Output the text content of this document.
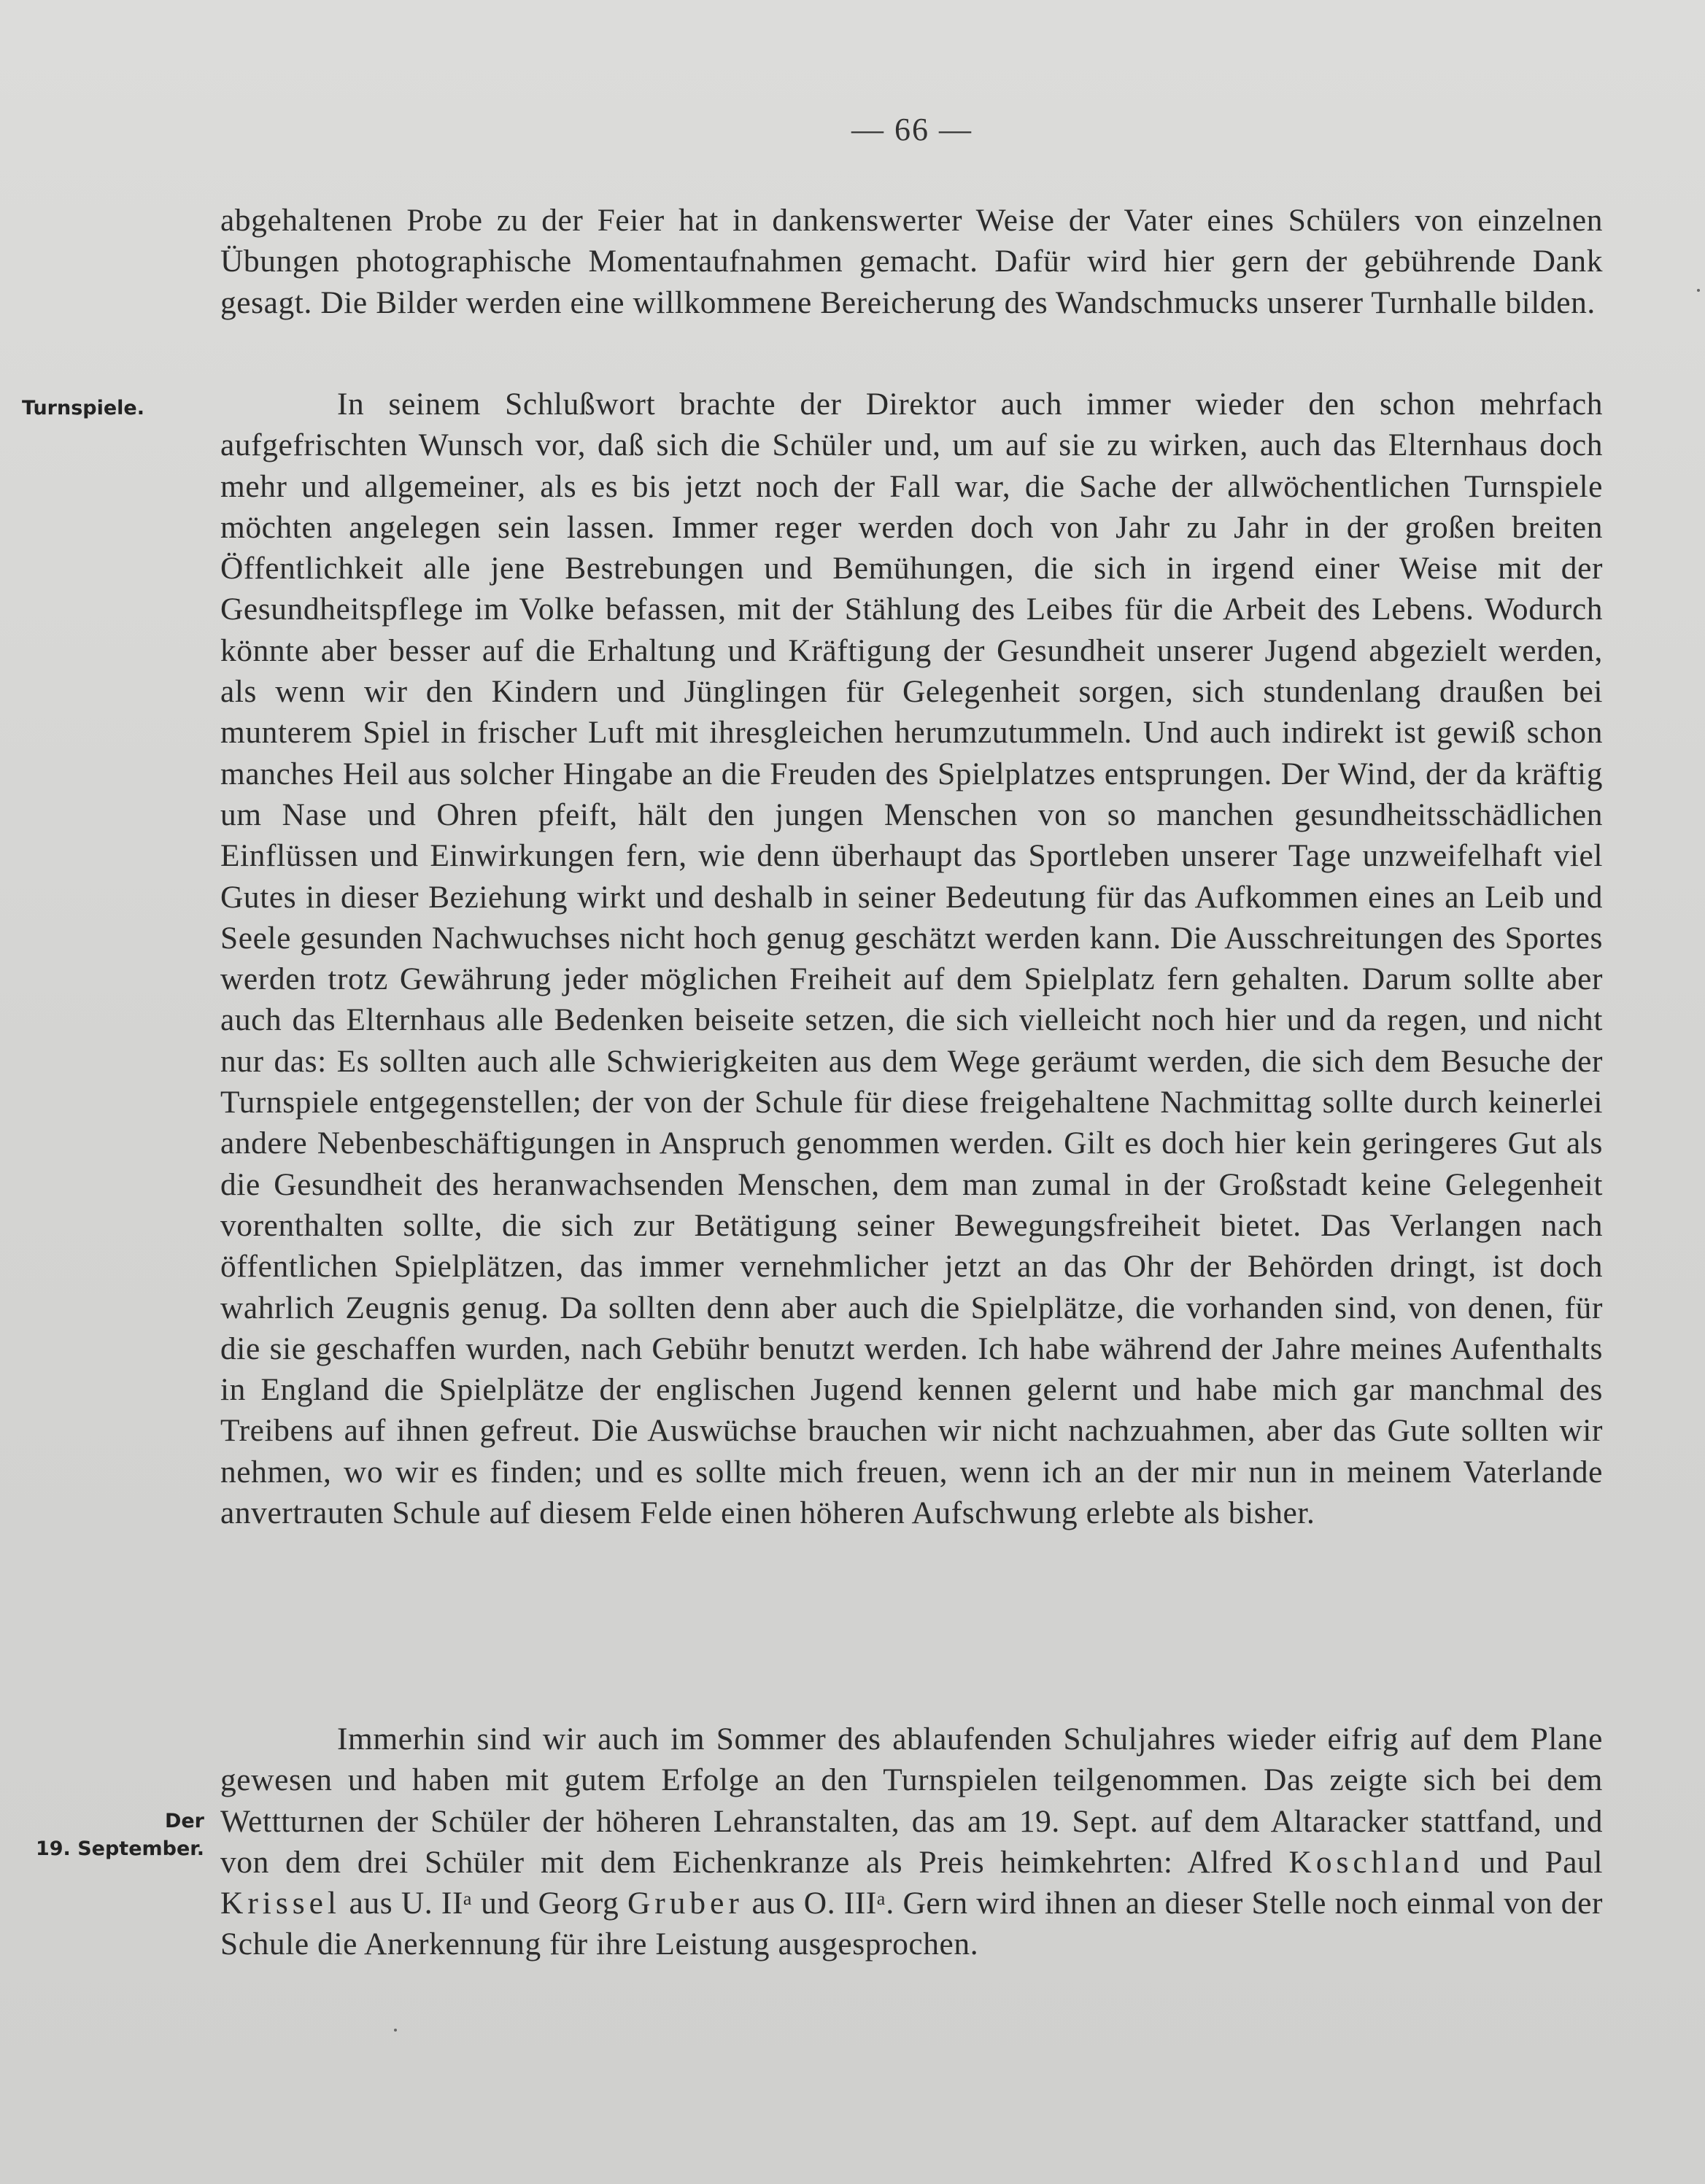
— 66 —
Turnspiele.
Der
19. September.

abgehaltenen Probe zu der Feier hat in dankenswerter Weise der Vater eines Schülers von einzelnen Übungen photographische Momentaufnahmen gemacht. Dafür wird hier gern der gebührende Dank gesagt. Die Bilder werden eine willkommene Bereicherung des Wandschmucks unserer Turnhalle bilden.

In seinem Schlußwort brachte der Direktor auch immer wieder den schon mehrfach aufgefrischten Wunsch vor, daß sich die Schüler und, um auf sie zu wirken, auch das Elternhaus doch mehr und allgemeiner, als es bis jetzt noch der Fall war, die Sache der allwöchentlichen Turnspiele möchten angelegen sein lassen. Immer reger werden doch von Jahr zu Jahr in der großen breiten Öffentlichkeit alle jene Bestrebungen und Bemühungen, die sich in irgend einer Weise mit der Gesundheitspflege im Volke befassen, mit der Stählung des Leibes für die Arbeit des Lebens. Wodurch könnte aber besser auf die Erhaltung und Kräftigung der Gesundheit unserer Jugend abgezielt werden, als wenn wir den Kindern und Jünglingen für Gelegenheit sorgen, sich stundenlang draußen bei munterem Spiel in frischer Luft mit ihresgleichen herumzutummeln. Und auch indirekt ist gewiß schon manches Heil aus solcher Hingabe an die Freuden des Spielplatzes entsprungen. Der Wind, der da kräftig um Nase und Ohren pfeift, hält den jungen Menschen von so manchen gesundheitsschädlichen Einflüssen und Einwirkungen fern, wie denn überhaupt das Sportleben unserer Tage unzweifelhaft viel Gutes in dieser Beziehung wirkt und deshalb in seiner Bedeutung für das Aufkommen eines an Leib und Seele gesunden Nachwuchses nicht hoch genug geschätzt werden kann. Die Ausschreitungen des Sportes werden trotz Gewährung jeder möglichen Freiheit auf dem Spielplatz fern gehalten. Darum sollte aber auch das Elternhaus alle Bedenken beiseite setzen, die sich vielleicht noch hier und da regen, und nicht nur das: Es sollten auch alle Schwierigkeiten aus dem Wege geräumt werden, die sich dem Besuche der Turnspiele entgegenstellen; der von der Schule für diese freigehaltene Nachmittag sollte durch keinerlei andere Nebenbeschäftigungen in Anspruch genommen werden. Gilt es doch hier kein geringeres Gut als die Gesundheit des heranwachsenden Menschen, dem man zumal in der Großstadt keine Gelegenheit vorenthalten sollte, die sich zur Betätigung seiner Bewegungsfreiheit bietet. Das Verlangen nach öffentlichen Spielplätzen, das immer vernehmlicher jetzt an das Ohr der Behörden dringt, ist doch wahrlich Zeugnis genug. Da sollten denn aber auch die Spielplätze, die vorhanden sind, von denen, für die sie geschaffen wurden, nach Gebühr benutzt werden. Ich habe während der Jahre meines Aufenthalts in England die Spielplätze der englischen Jugend kennen gelernt und habe mich gar manchmal des Treibens auf ihnen gefreut. Die Auswüchse brauchen wir nicht nachzuahmen, aber das Gute sollten wir nehmen, wo wir es finden; und es sollte mich freuen, wenn ich an der mir nun in meinem Vaterlande anvertrauten Schule auf diesem Felde einen höheren Aufschwung erlebte als bisher.

Immerhin sind wir auch im Sommer des ablaufenden Schuljahres wieder eifrig auf dem Plane gewesen und haben mit gutem Erfolge an den Turnspielen teilgenommen. Das zeigte sich bei dem Wettturnen der Schüler der höheren Lehranstalten, das am 19. Sept. auf dem Altaracker stattfand, und von dem drei Schüler mit dem Eichenkranze als Preis heimkehrten: Alfred Koschland und Paul Krissel aus U. IIᵃ und Georg Gruber aus O. IIIᵃ. Gern wird ihnen an dieser Stelle noch einmal von der Schule die Anerkennung für ihre Leistung ausgesprochen.
